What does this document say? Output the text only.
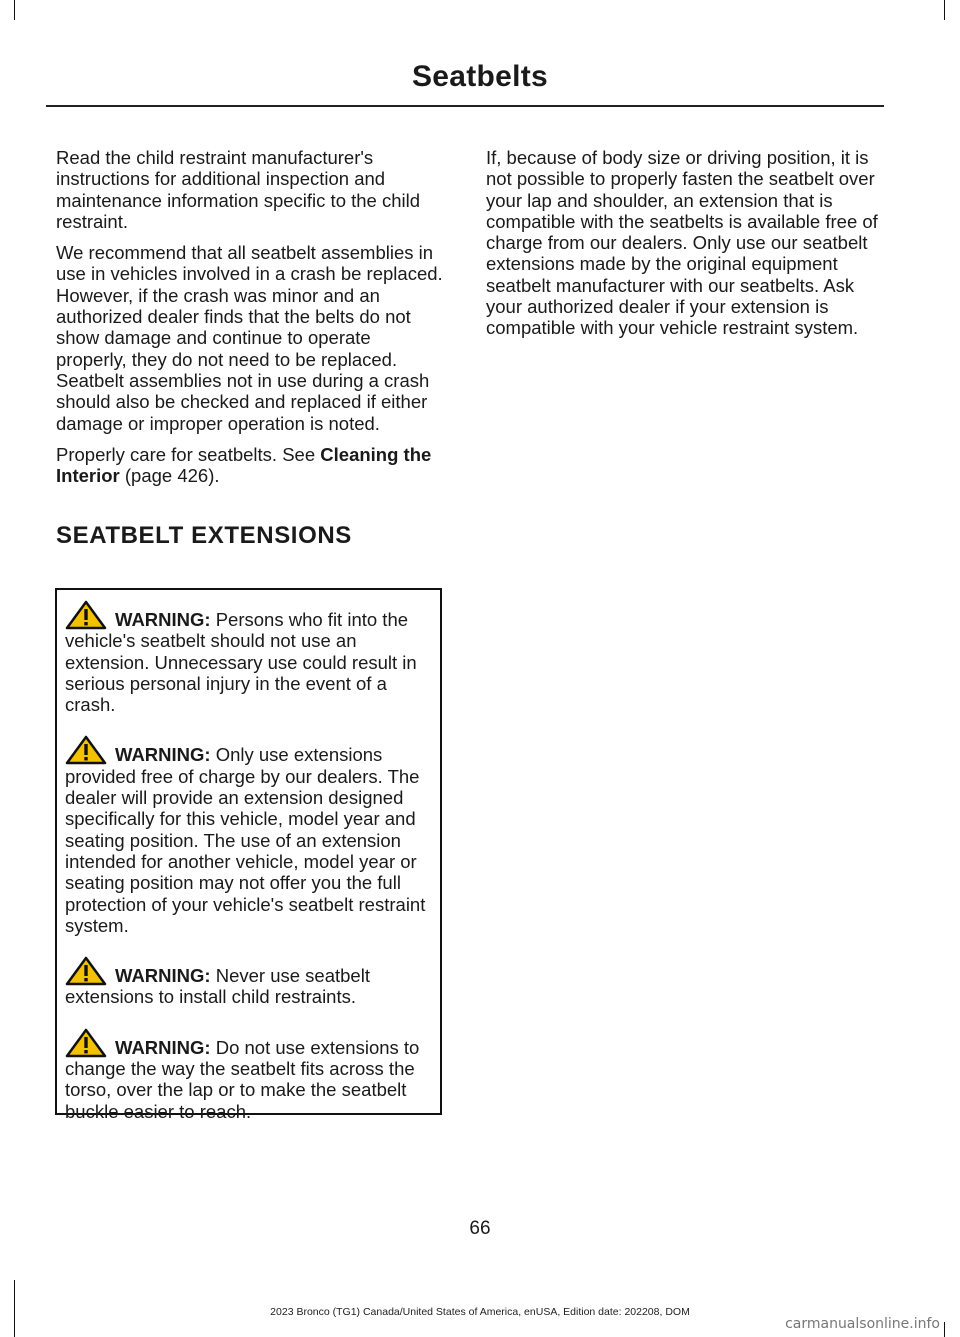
Seatbelts

Read the child restraint manufacturer's instructions for additional inspection and maintenance information specific to the child restraint.

We recommend that all seatbelt assemblies in use in vehicles involved in a crash be replaced. However, if the crash was minor and an authorized dealer finds that the belts do not show damage and continue to operate properly, they do not need to be replaced. Seatbelt assemblies not in use during a crash should also be checked and replaced if either damage or improper operation is noted.

Properly care for seatbelts. See Cleaning the Interior (page 426).

SEATBELT EXTENSIONS

WARNING: Persons who fit into the vehicle's seatbelt should not use an extension. Unnecessary use could result in serious personal injury in the event of a crash.

WARNING: Only use extensions provided free of charge by our dealers. The dealer will provide an extension designed specifically for this vehicle, model year and seating position. The use of an extension intended for another vehicle, model year or seating position may not offer you the full protection of your vehicle's seatbelt restraint system.

WARNING: Never use seatbelt extensions to install child restraints.

WARNING: Do not use extensions to change the way the seatbelt fits across the torso, over the lap or to make the seatbelt buckle easier to reach.

If, because of body size or driving position, it is not possible to properly fasten the seatbelt over your lap and shoulder, an extension that is compatible with the seatbelts is available free of charge from our dealers. Only use our seatbelt extensions made by the original equipment seatbelt manufacturer with our seatbelts. Ask your authorized dealer if your extension is compatible with your vehicle restraint system.

66
2023 Bronco (TG1) Canada/United States of America, enUSA, Edition date: 202208, DOM
carmanualsonline.info
